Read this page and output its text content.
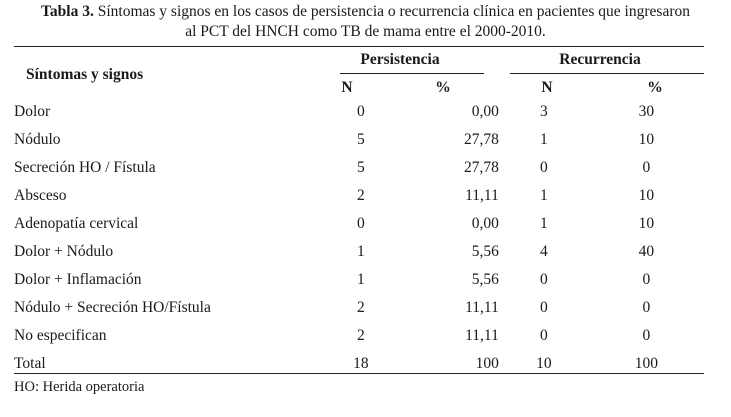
Tabla 3. Síntomas y signos en los casos de persistencia o recurrencia clínica en pacientes que ingresaron
al PCT del HNCH como TB de mama entre el 2000-2010.
Síntomas y signos
Persistencia	Recurrencia
N	%	N	%
Dolor	0	0,00	3	30
Nódulo	5	27,78	1	10
Secreción HO / Fístula	5	27,78	0	0
Absceso	2	11,11	1	10
Adenopatía cervical	0	0,00	1	10
Dolor + Nódulo	1	5,56	4	40
Dolor + Inflamación	1	5,56	0	0
Nódulo + Secreción HO/Fístula	2	11,11	0	0
No especifican	2	11,11	0	0
Total	18	100	10	100
HO: Herida operatoria
